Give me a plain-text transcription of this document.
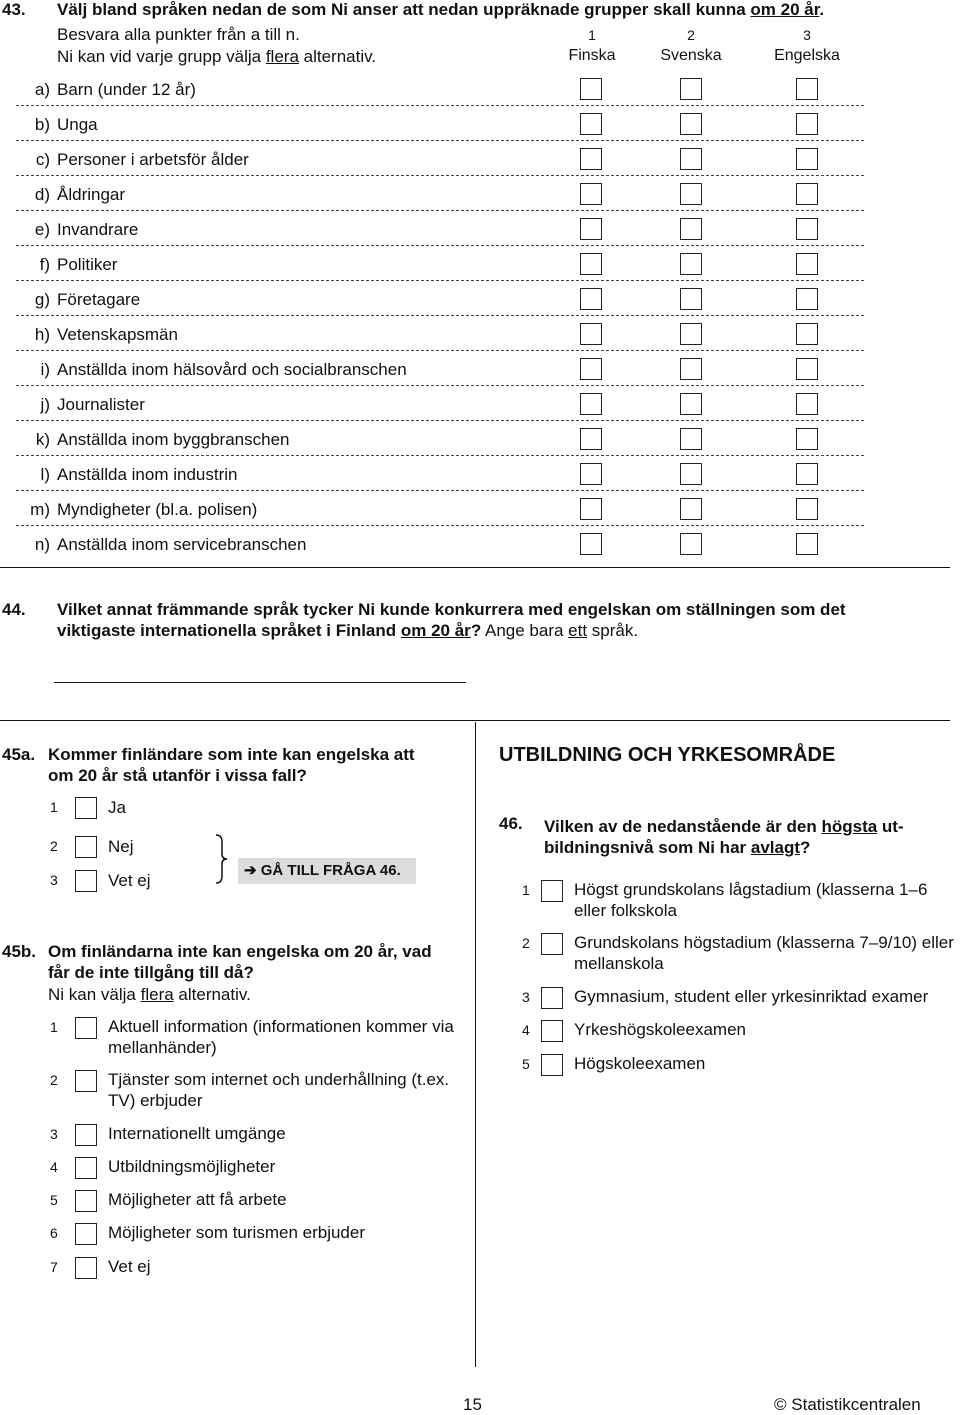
43. Välj bland språken nedan de som Ni anser att nedan uppräknade grupper skall kunna om 20 år.
Besvara alla punkter från a till n.
Ni kan vid varje grupp välja flera alternativ.
1	2	3
Finska	Svenska	Engelska
a) Barn (under 12 år)
b) Unga
c) Personer i arbetsför ålder
d) Åldringar
e) Invandrare
f) Politiker
g) Företagare
h) Vetenskapsmän
i) Anställda inom hälsovård och socialbranschen
j) Journalister
k) Anställda inom byggbranschen
l) Anställda inom industrin
m) Myndigheter (bl.a. polisen)
n) Anställda inom servicebranschen
44. Vilket annat främmande språk tycker Ni kunde konkurrera med engelskan om ställningen som det
viktigaste internationella språket i Finland om 20 år? Ange bara ett språk.
45a. Kommer finländare som inte kan engelska att
om 20 år stå utanför i vissa fall?
1	Ja
2	Nej
3	Vet ej
➔ GÅ TILL FRÅGA 46.
45b. Om finländarna inte kan engelska om 20 år, vad
får de inte tillgång till då?
Ni kan välja flera alternativ.
1	Aktuell information (informationen kommer via mellanhänder)
2	Tjänster som internet och underhållning (t.ex. TV) erbjuder
3	Internationellt umgänge
4	Utbildningsmöjligheter
5	Möjligheter att få arbete
6	Möjligheter som turismen erbjuder
7	Vet ej
UTBILDNING OCH YRKESOMRÅDE
46. Vilken av de nedanstående är den högsta ut-
bildningsnivå som Ni har avlagt?
1	Högst grundskolans lågstadium (klasserna 1–6 eller folkskola
2	Grundskolans högstadium (klasserna 7–9/10) eller mellanskola
3	Gymnasium, student eller yrkesinriktad examer
4	Yrkeshögskoleexamen
5	Högskoleexamen
15	© Statistikcentralen
